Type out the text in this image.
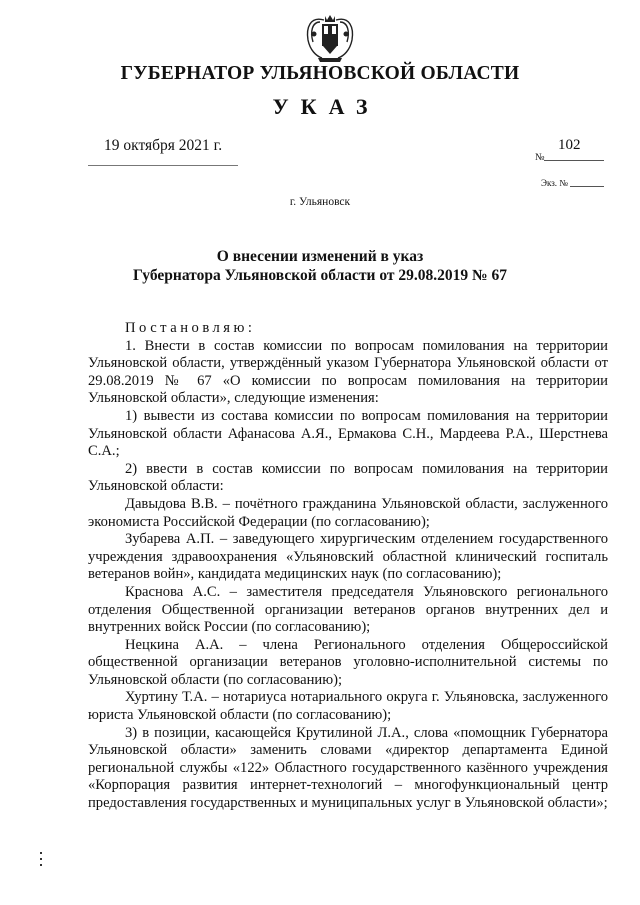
ГУБЕРНАТОР УЛЬЯНОВСКОЙ ОБЛАСТИ
УКАЗ
19 октября 2021 г.
№
102
Экз. №
г. Ульяновск
О внесении изменений в указ
Губернатора Ульяновской области от 29.08.2019 № 67

Постановляю:

1. Внести в состав комиссии по вопросам помилования на территории Ульяновской области, утверждённый указом Губернатора Ульяновской области от 29.08.2019 № 67 «О комиссии по вопросам помилования на территории Ульяновской области», следующие изменения:

1) вывести из состава комиссии по вопросам помилования на территории Ульяновской области Афанасова А.Я., Ермакова С.Н., Мардеева Р.А., Шерстнева С.А.;

2) ввести в состав комиссии по вопросам помилования на территории Ульяновской области:

Давыдова В.В. – почётного гражданина Ульяновской области, заслуженного экономиста Российской Федерации (по согласованию);

Зубарева А.П. – заведующего хирургическим отделением государственного учреждения здравоохранения «Ульяновский областной клинический госпиталь ветеранов войн», кандидата медицинских наук (по согласованию);

Краснова А.С. – заместителя председателя Ульяновского регионального отделения Общественной организации ветеранов органов внутренних дел и внутренних войск России (по согласованию);

Нецкина А.А. – члена Регионального отделения Общероссийской общественной организации ветеранов уголовно-исполнительной системы по Ульяновской области (по согласованию);

Хуртину Т.А. – нотариуса нотариального округа г. Ульяновска, заслуженного юриста Ульяновской области (по согласованию);

3) в позиции, касающейся Крутилиной Л.А., слова «помощник Губернатора Ульяновской области» заменить словами «директор департамента Единой региональной службы «122» Областного государственного казённого учреждения «Корпорация развития интернет-технологий – многофункциональный центр предоставления государственных и муниципальных услуг в Ульяновской области»;
